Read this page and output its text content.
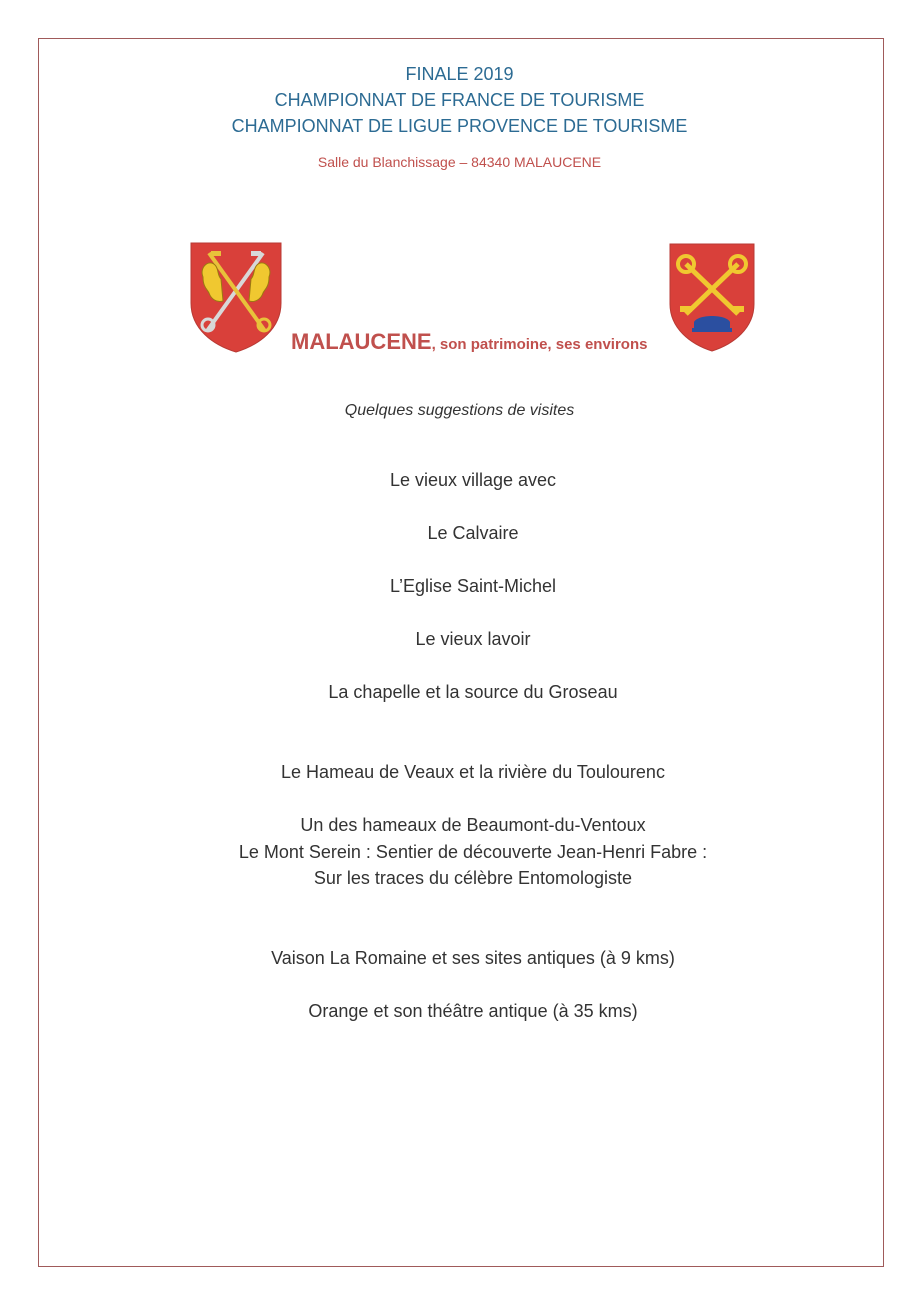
FINALE 2019
CHAMPIONNAT DE FRANCE DE TOURISME
CHAMPIONNAT DE LIGUE PROVENCE DE TOURISME
Salle du Blanchissage – 84340 MALAUCENE
MALAUCENE, son patrimoine, ses environs
Quelques suggestions de visites
Le vieux village avec
Le Calvaire
L’Eglise Saint-Michel
Le vieux lavoir
La chapelle et la source du Groseau
Le Hameau de Veaux et la rivière du Toulourenc
Un des hameaux de Beaumont-du-Ventoux
Le Mont Serein : Sentier de découverte Jean-Henri Fabre :
Sur les traces du célèbre Entomologiste
Vaison La Romaine et ses sites antiques (à 9 kms)
Orange et son théâtre antique (à 35 kms)
